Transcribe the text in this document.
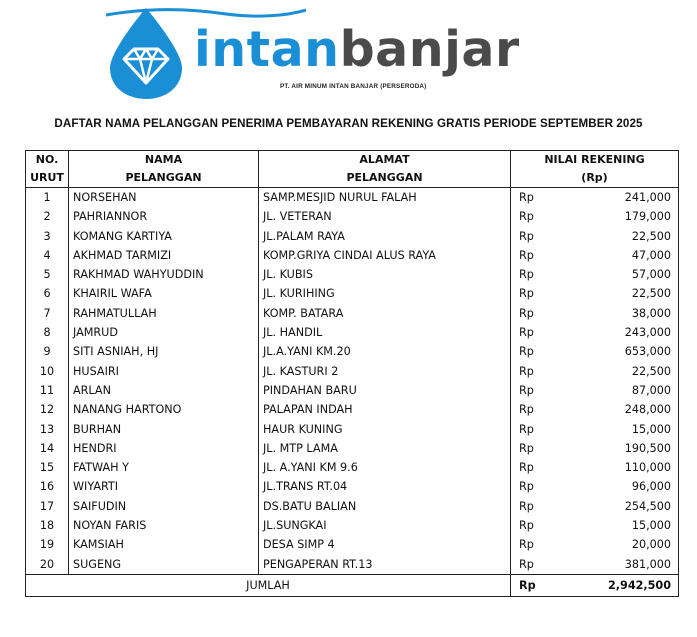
intanbanjar
PT. AIR MINUM INTAN BANJAR (PERSERODA)
DAFTAR NAMA PELANGGAN PENERIMA PEMBAYARAN REKENING GRATIS PERIODE SEPTEMBER 2025
NO.	NAMA	ALAMAT	NILAI REKENING	
URUT	PELANGGAN	PELANGGAN	(Rp)	
1	NORSEHAN	SAMP.MESJID NURUL FALAH	Rp	241,000
2	PAHRIANNOR	JL. VETERAN	Rp	179,000
3	KOMANG KARTIYA	JL.PALAM RAYA	Rp	22,500
4	AKHMAD TARMIZI	KOMP.GRIYA CINDAI ALUS RAYA	Rp	47,000
5	RAKHMAD WAHYUDDIN	JL. KUBIS	Rp	57,000
6	KHAIRIL WAFA	JL. KURIHING	Rp	22,500
7	RAHMATULLAH	KOMP. BATARA	Rp	38,000
8	JAMRUD	JL. HANDIL	Rp	243,000
9	SITI ASNIAH, HJ	JL.A.YANI KM.20	Rp	653,000
10	HUSAIRI	JL. KASTURI 2	Rp	22,500
11	ARLAN	PINDAHAN BARU	Rp	87,000
12	NANANG HARTONO	PALAPAN INDAH	Rp	248,000
13	BURHAN	HAUR KUNING	Rp	15,000
14	HENDRI	JL. MTP LAMA	Rp	190,500
15	FATWAH Y	JL. A.YANI KM 9.6	Rp	110,000
16	WIYARTI	JL.TRANS RT.04	Rp	96,000
17	SAIFUDIN	DS.BATU BALIAN	Rp	254,500
18	NOYAN FARIS	JL.SUNGKAI	Rp	15,000
19	KAMSIAH	DESA SIMP 4	Rp	20,000
20	SUGENG	PENGAPERAN RT.13	Rp	381,000
JUMLAH			Rp	2,942,500
